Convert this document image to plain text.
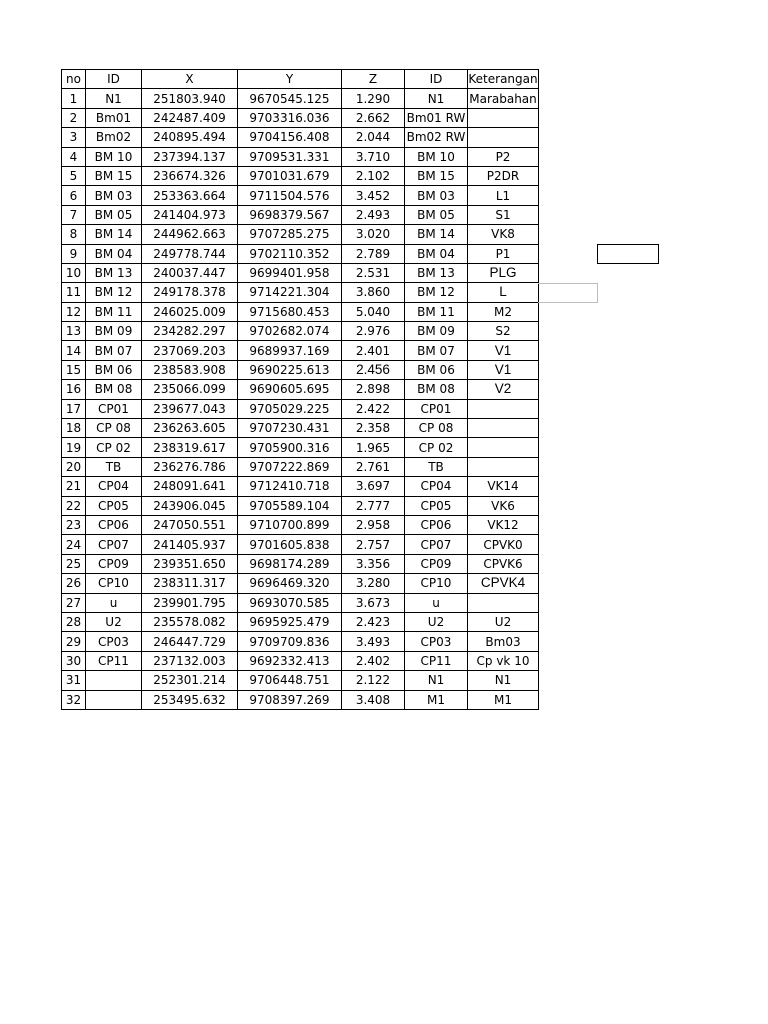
no	ID	X	Y	Z	ID	Keterangan
1	N1	251803.940	9670545.125	1.290	N1	Marabahan
2	Bm01	242487.409	9703316.036	2.662	Bm01 RW	
3	Bm02	240895.494	9704156.408	2.044	Bm02 RW	
4	BM 10	237394.137	9709531.331	3.710	BM 10	P2
5	BM 15	236674.326	9701031.679	2.102	BM 15	P2DR
6	BM 03	253363.664	9711504.576	3.452	BM 03	L1
7	BM 05	241404.973	9698379.567	2.493	BM 05	S1
8	BM 14	244962.663	9707285.275	3.020	BM 14	VK8
9	BM 04	249778.744	9702110.352	2.789	BM 04	P1
10	BM 13	240037.447	9699401.958	2.531	BM 13	PLG
11	BM 12	249178.378	9714221.304	3.860	BM 12	L
12	BM 11	246025.009	9715680.453	5.040	BM 11	M2
13	BM 09	234282.297	9702682.074	2.976	BM 09	S2
14	BM 07	237069.203	9689937.169	2.401	BM 07	V1
15	BM 06	238583.908	9690225.613	2.456	BM 06	V1
16	BM 08	235066.099	9690605.695	2.898	BM 08	V2
17	CP01	239677.043	9705029.225	2.422	CP01	
18	CP 08	236263.605	9707230.431	2.358	CP 08	
19	CP 02	238319.617	9705900.316	1.965	CP 02	
20	TB	236276.786	9707222.869	2.761	TB	
21	CP04	248091.641	9712410.718	3.697	CP04	VK14
22	CP05	243906.045	9705589.104	2.777	CP05	VK6
23	CP06	247050.551	9710700.899	2.958	CP06	VK12
24	CP07	241405.937	9701605.838	2.757	CP07	CPVK0
25	CP09	239351.650	9698174.289	3.356	CP09	CPVK6
26	CP10	238311.317	9696469.320	3.280	CP10	CPVK4
27	u	239901.795	9693070.585	3.673	u	
28	U2	235578.082	9695925.479	2.423	U2	U2
29	CP03	246447.729	9709709.836	3.493	CP03	Bm03
30	CP11	237132.003	9692332.413	2.402	CP11	Cp vk 10
31		252301.214	9706448.751	2.122	N1	N1
32		253495.632	9708397.269	3.408	M1	M1
